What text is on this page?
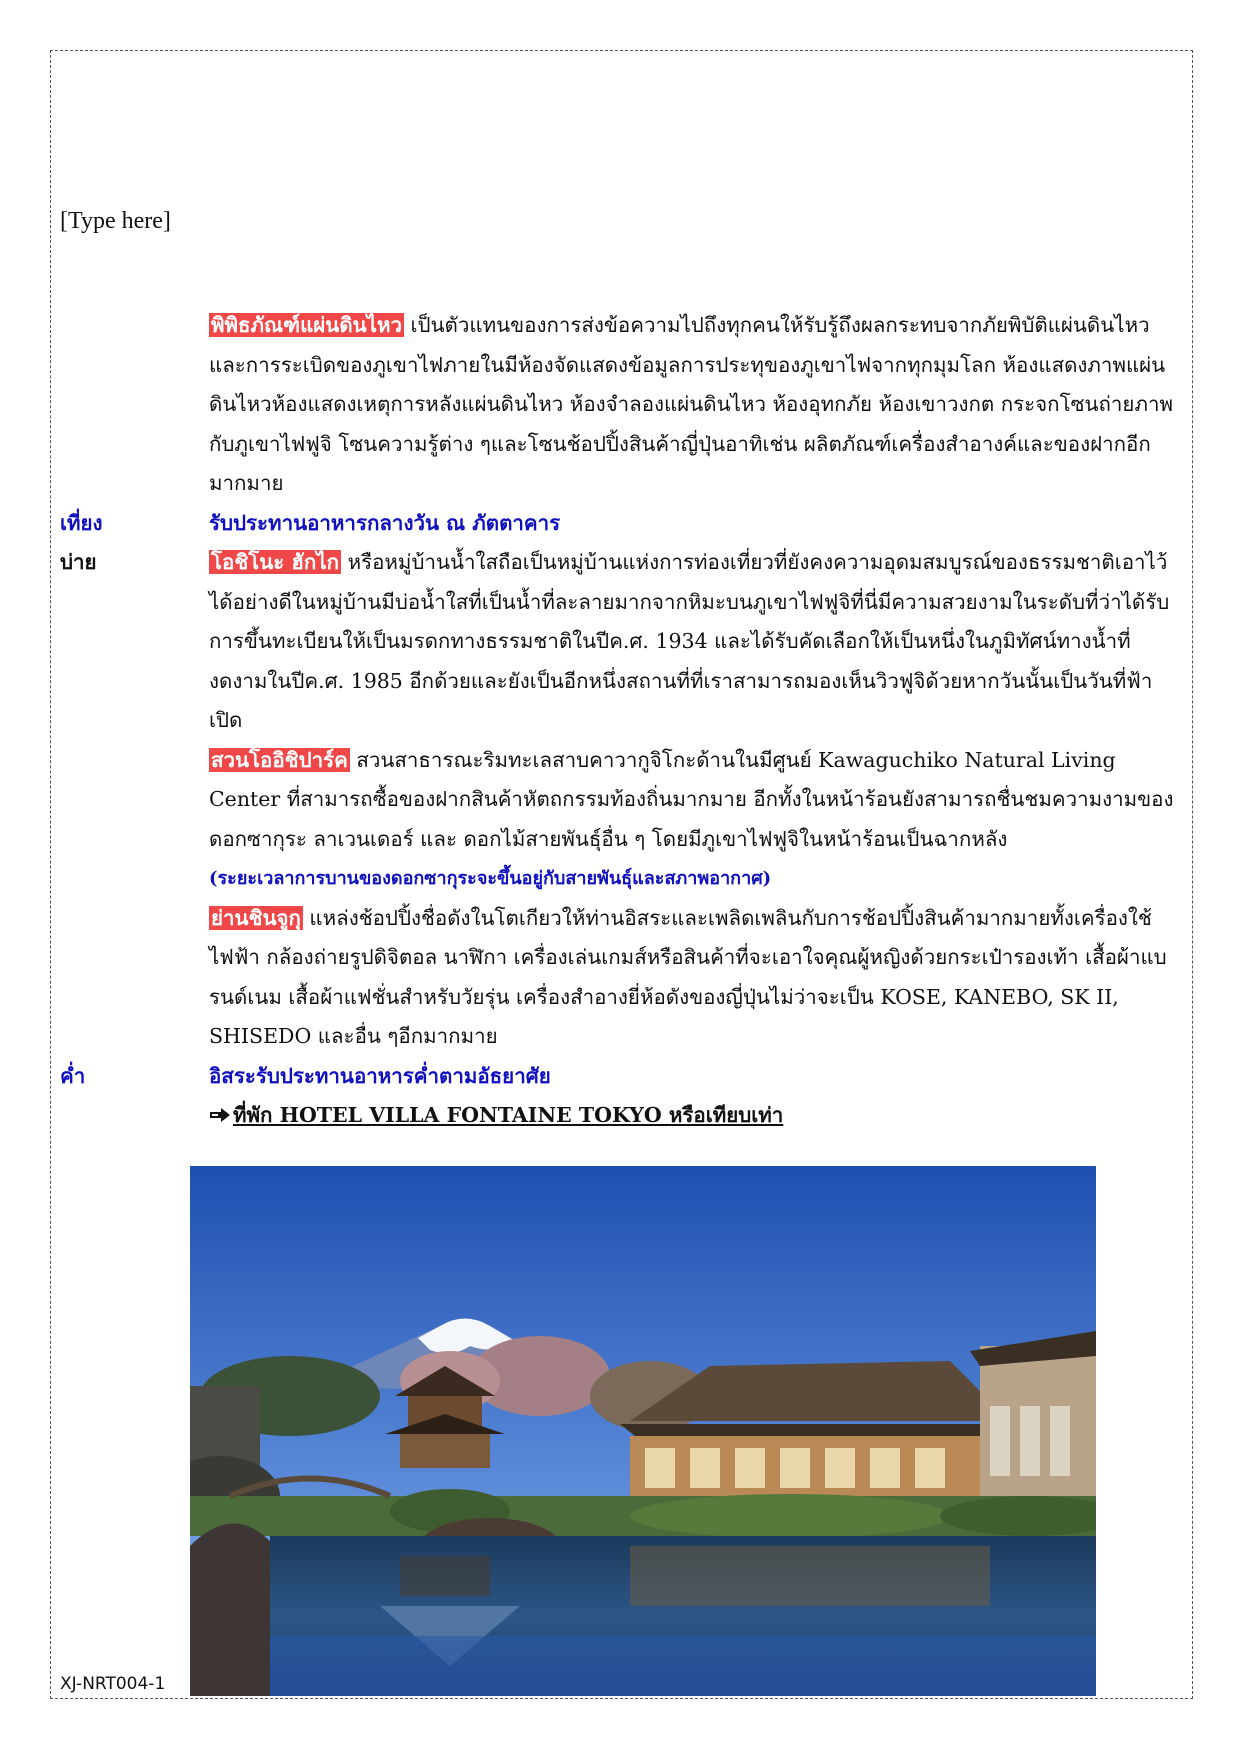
[Type here]
พิพิธภัณฑ์แผ่นดินไหว เป็นตัวแทนของการส่งข้อความไปถึงทุกคนให้รับรู้ถึงผลกระทบจากภัยพิบัติแผ่นดินไหวและการระเบิดของภูเขาไฟภายในมีห้องจัดแสดงข้อมูลการประทุของภูเขาไฟจากทุกมุมโลก ห้องแสดงภาพแผ่นดินไหวห้องแสดงเหตุการหลังแผ่นดินไหว ห้องจำลองแผ่นดินไหว ห้องอุทกภัย ห้องเขาวงกต กระจกโซนถ่ายภาพกับภูเขาไฟฟูจิ โซนความรู้ต่าง ๆและโซนช้อปปิ้งสินค้าญี่ปุ่นอาทิเช่น ผลิตภัณฑ์เครื่องสำอางค์และของฝากอีกมากมาย
เที่ยง	รับประทานอาหารกลางวัน ณ ภัตตาคาร
บ่าย	โอชิโนะ ฮักไก หรือหมู่บ้านน้ำใสถือเป็นหมู่บ้านแห่งการท่องเที่ยวที่ยังคงความอุดมสมบูรณ์ของธรรมชาติเอาไว้ได้อย่างดีในหมู่บ้านมีบ่อน้ำใสที่เป็นน้ำที่ละลายมากจากหิมะบนภูเขาไฟฟูจิที่นี่มีความสวยงามในระดับที่ว่าได้รับการขึ้นทะเบียนให้เป็นมรดกทางธรรมชาติในปีค.ศ. 1934 และได้รับคัดเลือกให้เป็นหนึ่งในภูมิทัศน์ทางน้ำที่งดงามในปีค.ศ. 1985 อีกด้วยและยังเป็นอีกหนึ่งสถานที่ที่เราสามารถมองเห็นวิวฟูจิด้วยหากวันนั้นเป็นวันที่ฟ้าเปิด
สวนโออิชิปาร์ค สวนสาธารณะริมทะเลสาบคาวากูจิโกะด้านในมีศูนย์ Kawaguchiko Natural Living Center ที่สามารถซื้อของฝากสินค้าหัตถกรรมท้องถิ่นมากมาย อีกทั้งในหน้าร้อนยังสามารถชื่นชมความงามของดอกซากุระ ลาเวนเดอร์ และ ดอกไม้สายพันธุ์อื่น ๆ โดยมีภูเขาไฟฟูจิในหน้าร้อนเป็นฉากหลัง
(ระยะเวลาการบานของดอกซากุระจะขึ้นอยู่กับสายพันธุ์และสภาพอากาศ)
ย่านชินจูกุ แหล่งช้อปปิ้งชื่อดังในโตเกียวให้ท่านอิสระและเพลิดเพลินกับการช้อปปิ้งสินค้ามากมายทั้งเครื่องใช้ไฟฟ้า กล้องถ่ายรูปดิจิตอล นาฬิกา เครื่องเล่นเกมส์หรือสินค้าที่จะเอาใจคุณผู้หญิงด้วยกระเป๋ารองเท้า เสื้อผ้าแบรนด์เนม เสื้อผ้าแฟชั่นสำหรับวัยรุ่น เครื่องสำอางยี่ห้อดังของญี่ปุ่นไม่ว่าจะเป็น KOSE, KANEBO, SK II, SHISEDO และอื่น ๆอีกมากมาย
ค่ำ	อิสระรับประทานอาหารค่ำตามอัธยาศัย
ที่พัก HOTEL VILLA FONTAINE TOKYO หรือเทียบเท่า
XJ-NRT004-1
